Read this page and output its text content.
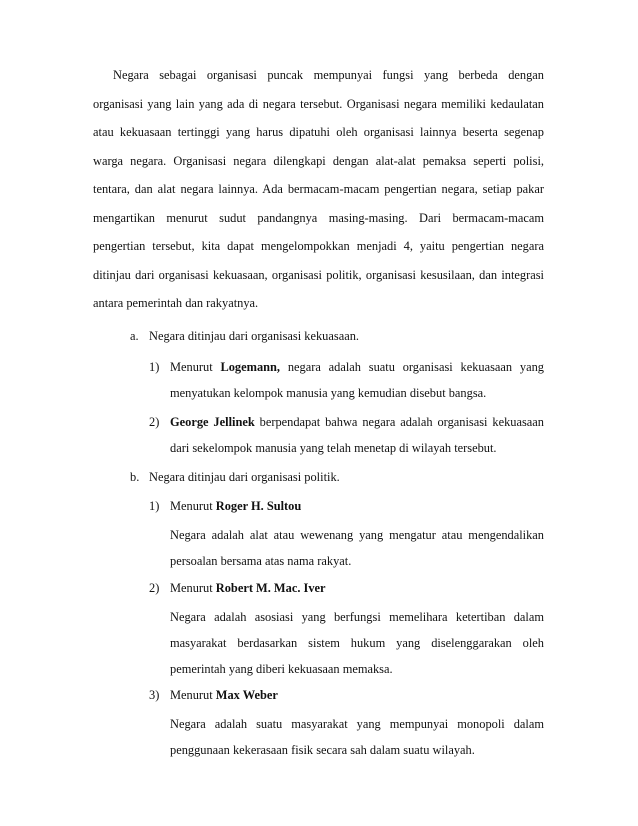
Negara sebagai organisasi puncak mempunyai fungsi yang berbeda dengan
organisasi yang lain yang ada di negara tersebut. Organisasi negara memiliki kedaulatan
atau kekuasaan tertinggi yang harus dipatuhi oleh organisasi lainnya beserta segenap
warga negara. Organisasi negara dilengkapi dengan alat-alat pemaksa seperti polisi,
tentara, dan alat negara lainnya. Ada bermacam-macam pengertian negara, setiap pakar
mengartikan menurut sudut pandangnya masing-masing. Dari bermacam-macam
pengertian tersebut, kita dapat mengelompokkan menjadi 4, yaitu pengertian negara
ditinjau dari organisasi kekuasaan, organisasi politik, organisasi kesusilaan, dan integrasi
antara pemerintah dan rakyatnya.
a. Negara ditinjau dari organisasi kekuasaan.
1) Menurut Logemann, negara adalah suatu organisasi kekuasaan yang
menyatukan kelompok manusia yang kemudian disebut bangsa.
2) George Jellinek berpendapat bahwa negara adalah organisasi kekuasaan
dari sekelompok manusia yang telah menetap di wilayah tersebut.
b. Negara ditinjau dari organisasi politik.
1) Menurut Roger H. Sultou
Negara adalah alat atau wewenang yang mengatur atau mengendalikan
persoalan bersama atas nama rakyat.
2) Menurut Robert M. Mac. Iver
Negara adalah asosiasi yang berfungsi memelihara ketertiban dalam
masyarakat berdasarkan sistem hukum yang diselenggarakan oleh
pemerintah yang diberi kekuasaan memaksa.
3) Menurut Max Weber
Negara adalah suatu masyarakat yang mempunyai monopoli dalam
penggunaan kekerasaan fisik secara sah dalam suatu wilayah.
